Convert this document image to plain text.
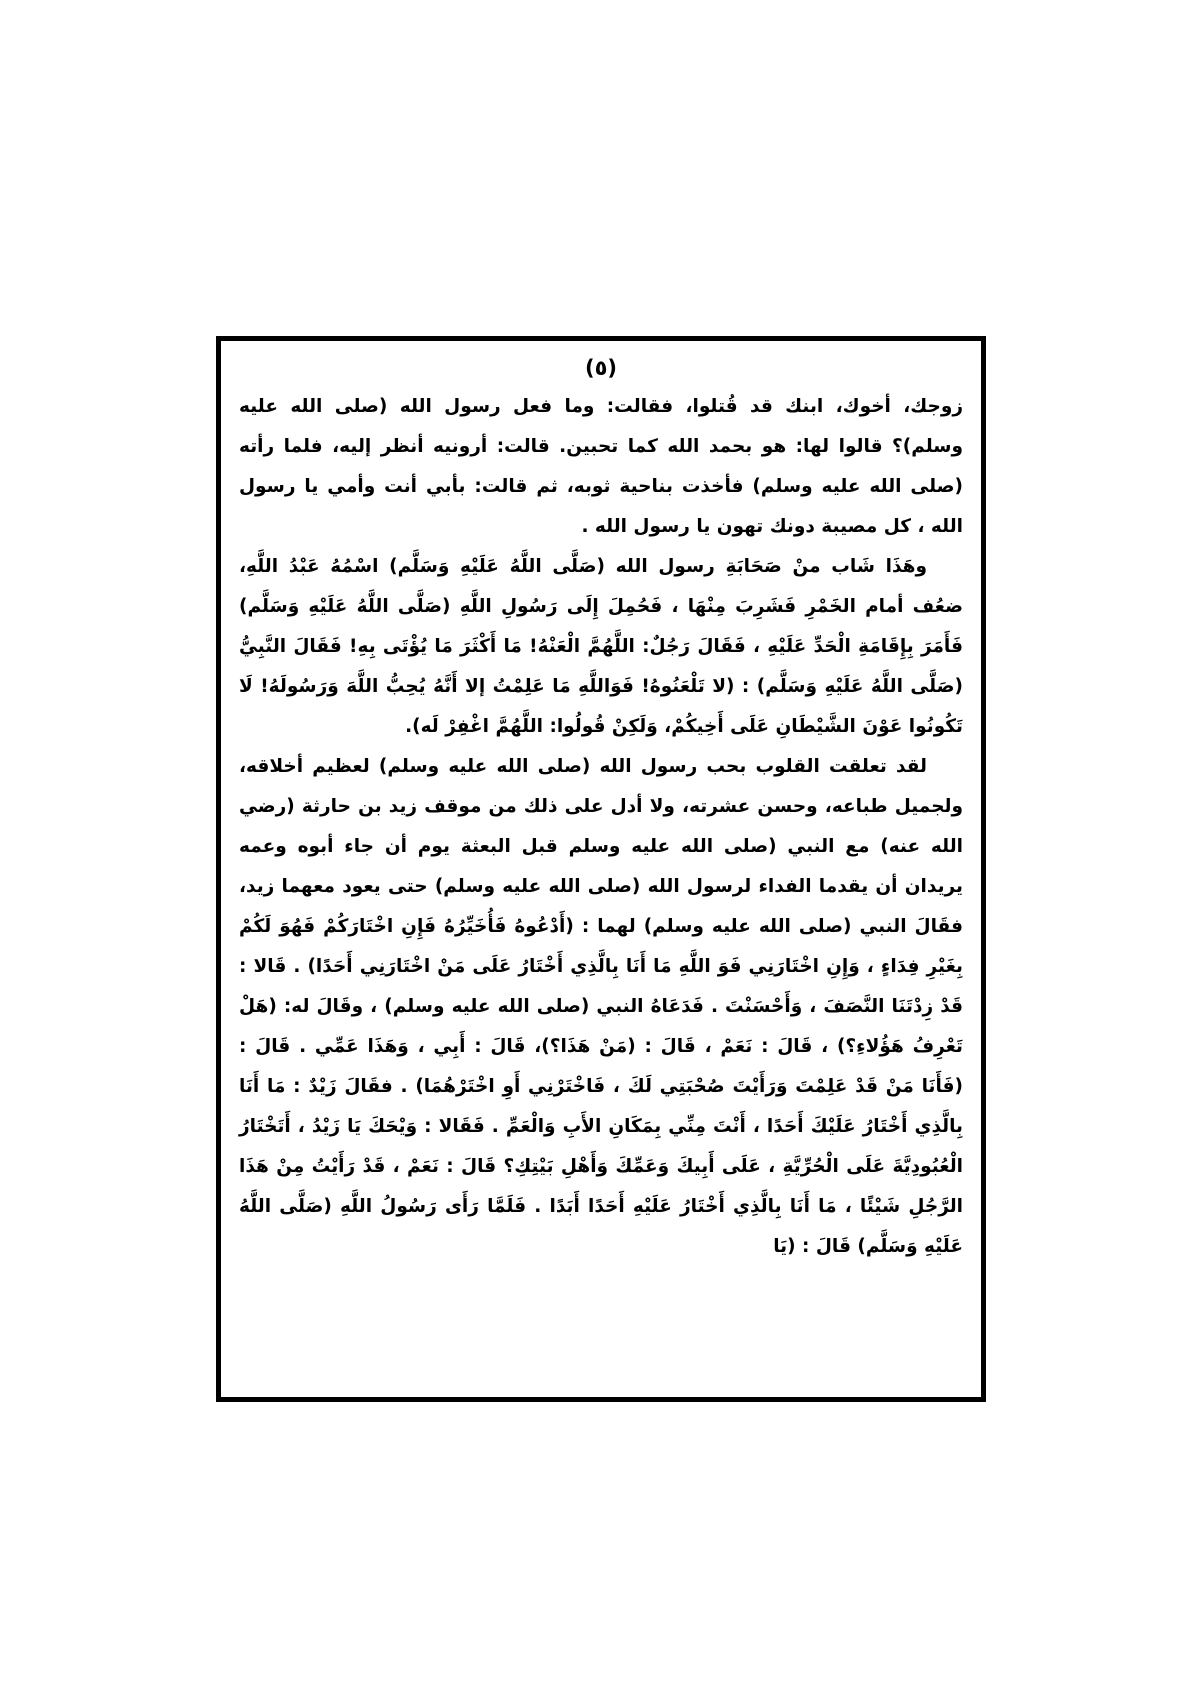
(٥)

زوجك، أخوك، ابنك قد قُتلوا، فقالت: وما فعل رسول الله (صلى الله عليه وسلم)؟ قالوا لها: هو بحمد الله كما تحبين. قالت: أرونيه أنظر إليه، فلما رأته (صلى الله عليه وسلم) فأخذت بناحية ثوبه، ثم قالت: بأبي أنت وأمي يا رسول الله ، كل مصيبة دونك تهون يا رسول الله .

وهَذَا شَاب منْ صَحَابَةِ رسول الله (صَلَّى اللَّهُ عَلَيْهِ وَسَلَّم) اسْمُهُ عَبْدُ اللَّهِ، ضعُف أمام الخَمْرِ فَشَرِبَ مِنْهَا ، فَحُمِلَ إِلَى رَسُولِ اللَّهِ (صَلَّى اللَّهُ عَلَيْهِ وَسَلَّم) فَأَمَرَ بِإِقَامَةِ الْحَدِّ عَلَيْهِ ، فَقَالَ رَجُلٌ: اللَّهُمَّ الْعَنْهُ! مَا أَكْثَرَ مَا يُؤْتَى بِهِ! فَقَالَ النَّبِيُّ (صَلَّى اللَّهُ عَلَيْهِ وَسَلَّم) : (لا تَلْعَنُوهُ! فَوَاللَّهِ مَا عَلِمْتُ إلا أَنَّهُ يُحِبُّ اللَّهَ وَرَسُولَهُ! لَا تَكُونُوا عَوْنَ الشَّيْطَانِ عَلَى أَخِيكُمْ، وَلَكِنْ قُولُوا: اللَّهُمَّ اغْفِرْ لَه).

لقد تعلقت القلوب بحب رسول الله (صلى الله عليه وسلم) لعظيم أخلاقه، ولجميل طباعه، وحسن عشرته، ولا أدل على ذلك من موقف زيد بن حارثة (رضي الله عنه) مع النبي (صلى الله عليه وسلم قبل البعثة يوم أن جاء أبوه وعمه يريدان أن يقدما الفداء لرسول الله (صلى الله عليه وسلم) حتى يعود معهما زيد، فقَالَ النبي (صلى الله عليه وسلم) لهما : (أَدْعُوهُ فَأُخَيِّرُهُ فَإِنِ اخْتَارَكُمْ فَهُوَ لَكُمْ بِغَيْرِ فِدَاءٍ ، وَإِنِ اخْتَارَنِي فَوَ اللَّهِ مَا أَنَا بِالَّذِي أَخْتَارُ عَلَى مَنْ اخْتَارَنِي أَحَدًا) . قَالا : قَدْ زِدْتَنَا النَّصَفَ ، وَأَحْسَنْتَ . فَدَعَاهُ النبي (صلى الله عليه وسلم) ، وقَالَ له: (هَلْ تَعْرِفُ هَؤُلاءِ؟) ، قَالَ : نَعَمْ ، قَالَ : (مَنْ هَذَا؟)، قَالَ : أَبِي ، وَهَذَا عَمِّي . قَالَ : (فَأَنَا مَنْ قَدْ عَلِمْتَ وَرَأَيْتَ صُحْبَتِي لَكَ ، فَاخْتَرْنِي أَوِ اخْتَرْهُمَا) . فقَالَ زَيْدٌ : مَا أَنَا بِالَّذِي أَخْتَارُ عَلَيْكَ أَحَدًا ، أَنْتَ مِنِّي بِمَكَانِ الأَبِ وَالْعَمِّ . فَقَالا : وَيْحَكَ يَا زَيْدُ ، أَتَخْتَارُ الْعُبُودِيَّةَ عَلَى الْحُرِّيَّةِ ، عَلَى أَبِيكَ وَعَمِّكَ وَأَهْلِ بَيْتِكِ؟ قَالَ : نَعَمْ ، قَدْ رَأَيْتُ مِنْ هَذَا الرَّجُلِ شَيْئًا ، مَا أَنَا بِالَّذِي أَخْتَارُ عَلَيْهِ أَحَدًا أَبَدًا . فَلَمَّا رَأَى رَسُولُ اللَّهِ (صَلَّى اللَّهُ عَلَيْهِ وَسَلَّم) قَالَ : (يَا
